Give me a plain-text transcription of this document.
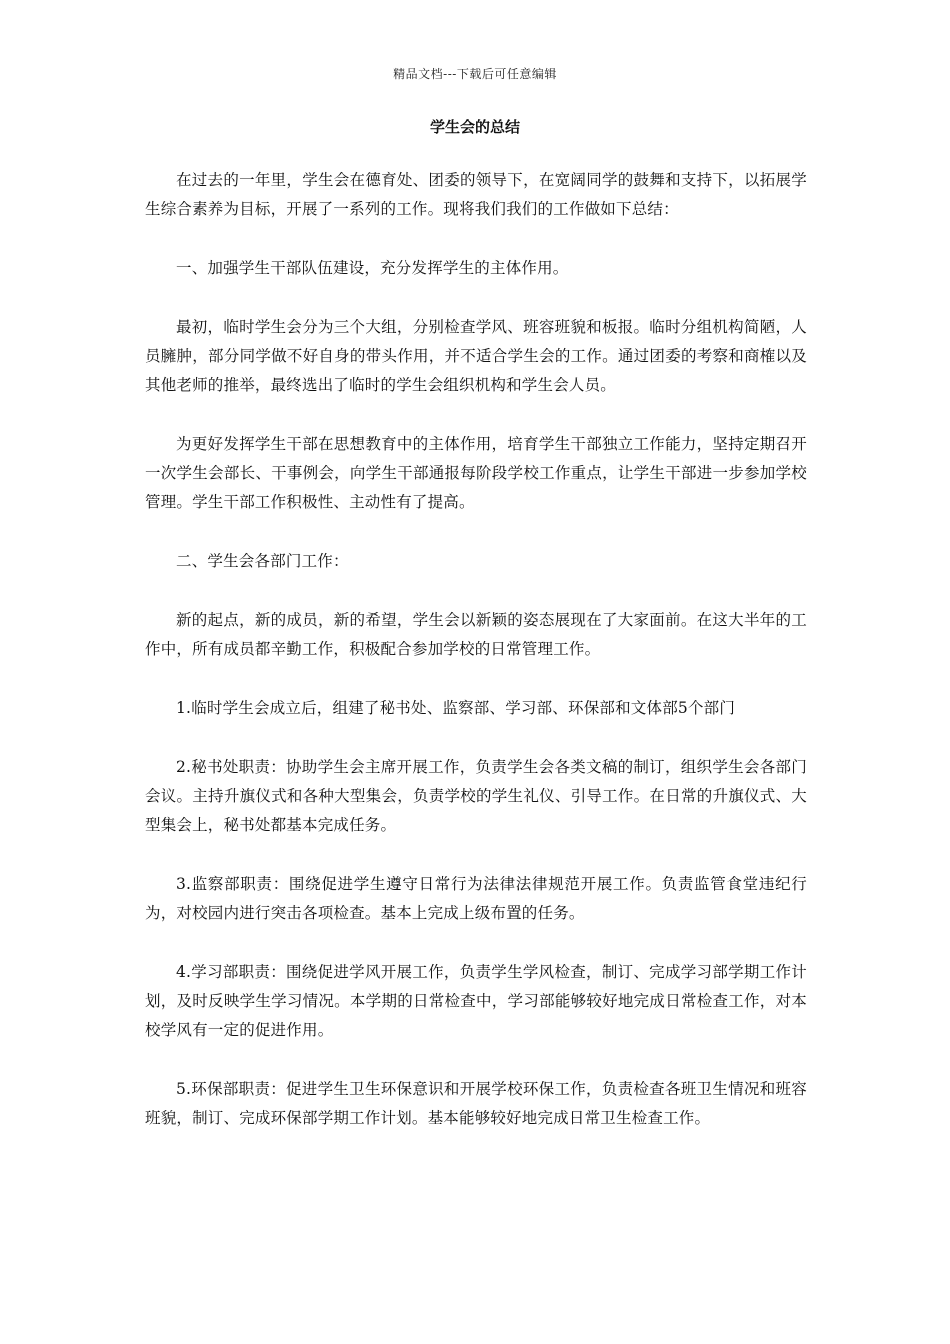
精品文档---下载后可任意编辑
学生会的总结

在过去的一年里，学生会在德育处、团委的领导下，在宽阔同学的鼓舞和支持下，以拓展学生综合素养为目标，开展了一系列的工作。现将我们我们的工作做如下总结：

一、加强学生干部队伍建设，充分发挥学生的主体作用。

最初，临时学生会分为三个大组，分别检查学风、班容班貌和板报。临时分组机构简陋，人员臃肿，部分同学做不好自身的带头作用，并不适合学生会的工作。通过团委的考察和商榷以及其他老师的推举，最终选出了临时的学生会组织机构和学生会人员。

为更好发挥学生干部在思想教育中的主体作用，培育学生干部独立工作能力，坚持定期召开一次学生会部长、干事例会，向学生干部通报每阶段学校工作重点，让学生干部进一步参加学校管理。学生干部工作积极性、主动性有了提高。

二、学生会各部门工作：

新的起点，新的成员，新的希望，学生会以新颖的姿态展现在了大家面前。在这大半年的工作中，所有成员都辛勤工作，积极配合参加学校的日常管理工作。

1.临时学生会成立后，组建了秘书处、监察部、学习部、环保部和文体部5个部门

2.秘书处职责：协助学生会主席开展工作，负责学生会各类文稿的制订，组织学生会各部门会议。主持升旗仪式和各种大型集会，负责学校的学生礼仪、引导工作。在日常的升旗仪式、大型集会上，秘书处都基本完成任务。

3.监察部职责：围绕促进学生遵守日常行为法律法律规范开展工作。负责监管食堂违纪行为，对校园内进行突击各项检查。基本上完成上级布置的任务。

4.学习部职责：围绕促进学风开展工作，负责学生学风检查，制订、完成学习部学期工作计划，及时反映学生学习情况。本学期的日常检查中，学习部能够较好地完成日常检查工作，对本校学风有一定的促进作用。

5.环保部职责：促进学生卫生环保意识和开展学校环保工作，负责检查各班卫生情况和班容班貌，制订、完成环保部学期工作计划。基本能够较好地完成日常卫生检查工作。
